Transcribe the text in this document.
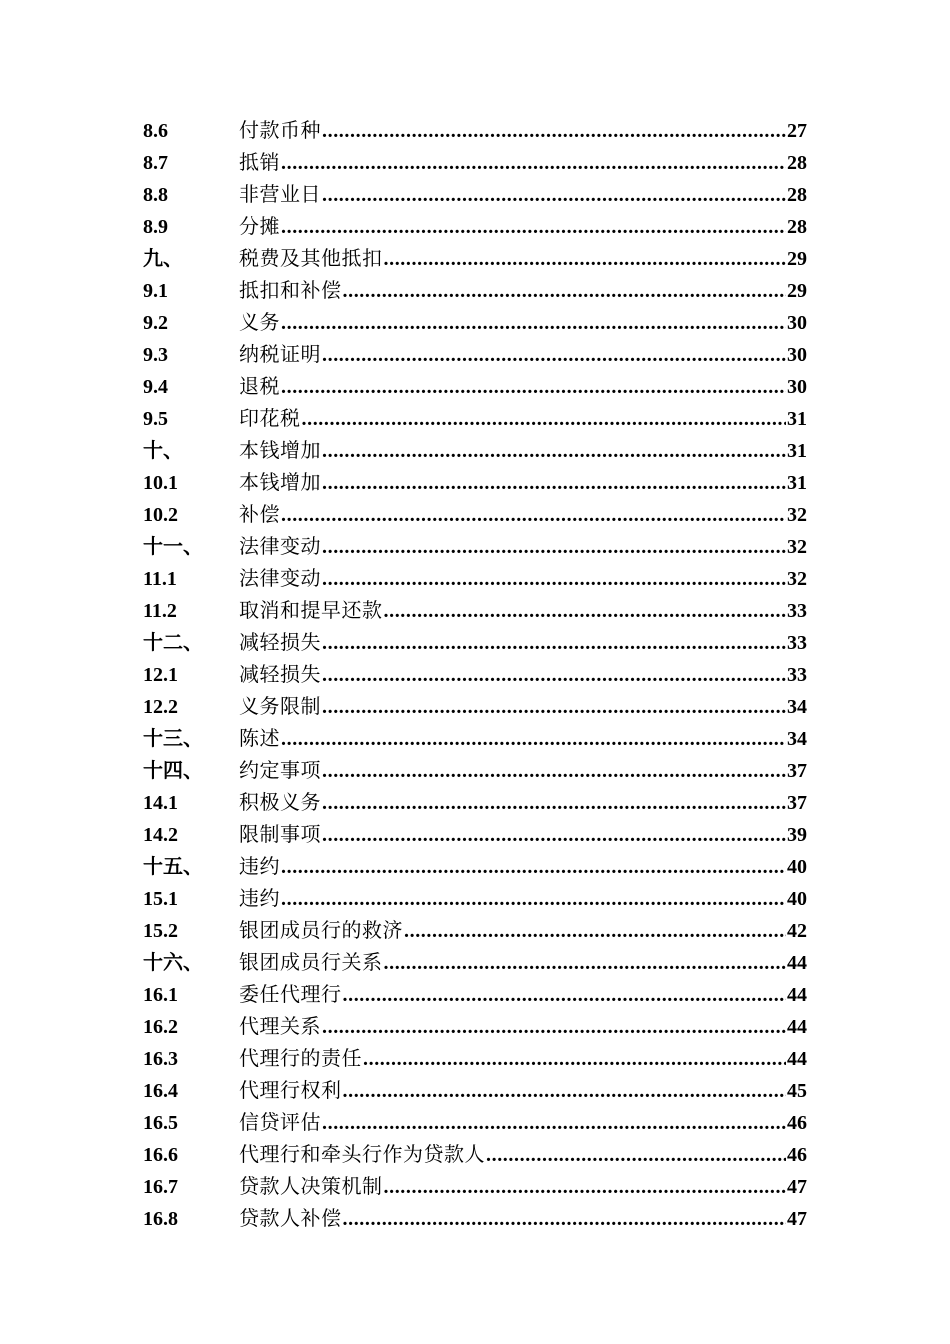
8.6	付款币种 .....	27
8.7	抵销 .....	28
8.8	非营业日 .....	28
8.9	分摊 .....	28
九、	税费及其他抵扣 .....	29
9.1	抵扣和补偿 .....	29
9.2	义务 .....	30
9.3	纳税证明 .....	30
9.4	退税 .....	30
9.5	印花税 .....	31
十、	本钱增加 .....	31
10.1	本钱增加 .....	31
10.2	补偿 .....	32
十一、	法律变动 .....	32
11.1	法律变动 .....	32
11.2	取消和提早还款 .....	33
十二、	减轻损失 .....	33
12.1	减轻损失 .....	33
12.2	义务限制 .....	34
十三、	陈述 .....	34
十四、	约定事项 .....	37
14.1	积极义务 .....	37
14.2	限制事项 .....	39
十五、	违约 .....	40
15.1	违约 .....	40
15.2	银团成员行的救济 .....	42
十六、	银团成员行关系 .....	44
16.1	委任代理行 .....	44
16.2	代理关系 .....	44
16.3	代理行的责任 .....	44
16.4	代理行权利 .....	45
16.5	信贷评估 .....	46
16.6	代理行和牵头行作为贷款人 .....	46
16.7	贷款人决策机制 .....	47
16.8	贷款人补偿 .....	47
